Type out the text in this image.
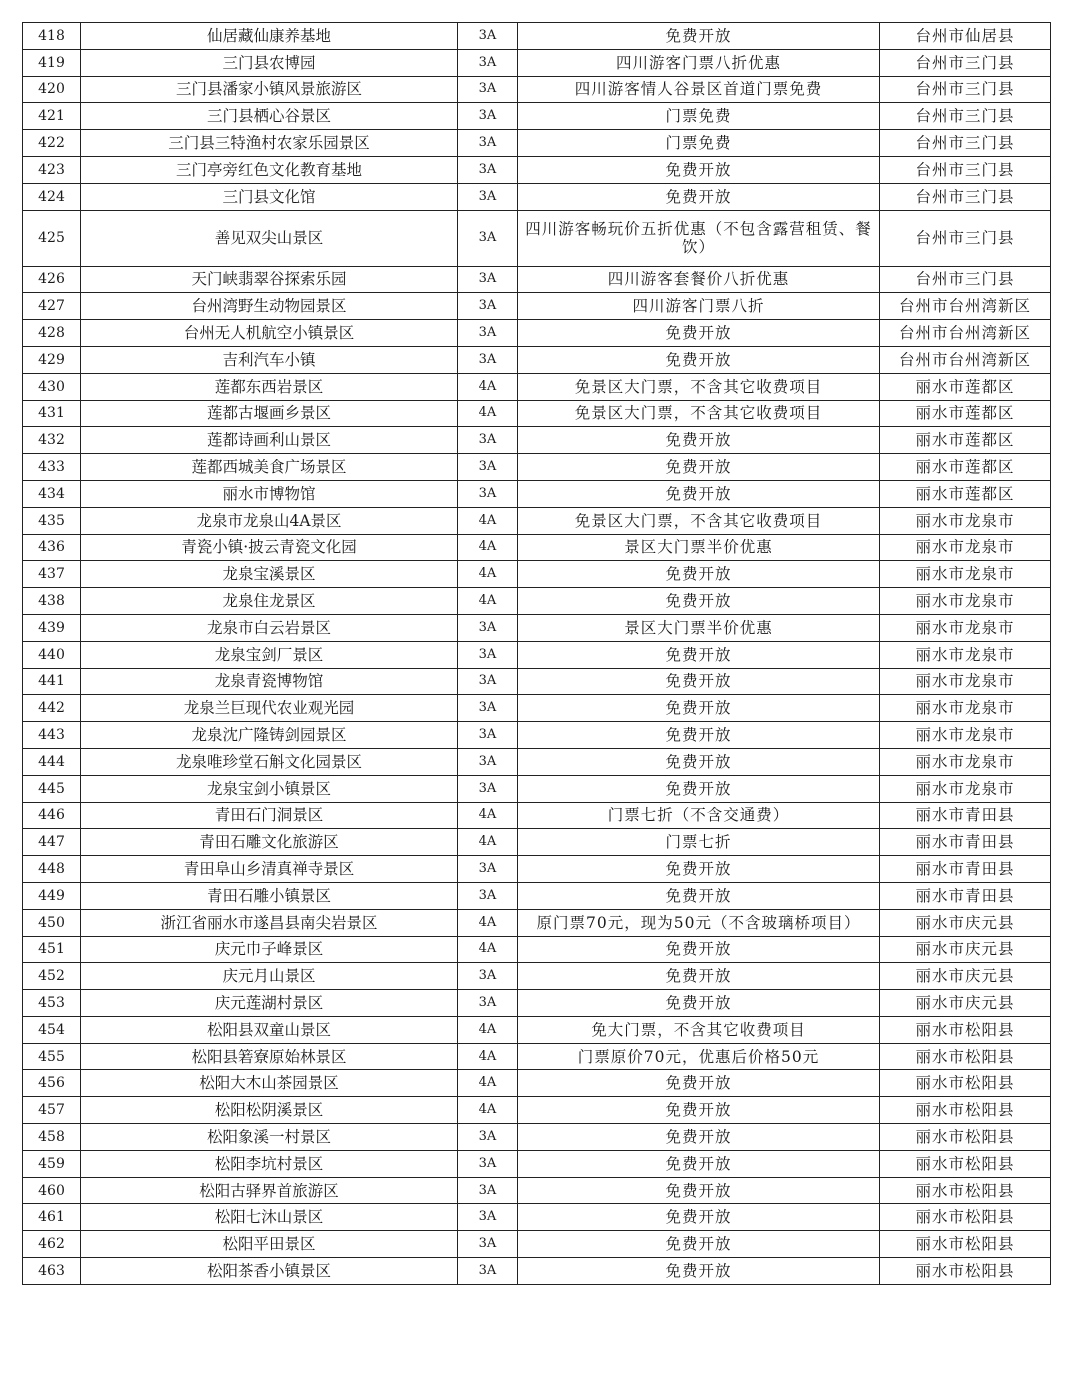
418	仙居藏仙康养基地	3A	免费开放	台州市仙居县
419	三门县农博园	3A	四川游客门票八折优惠	台州市三门县
420	三门县潘家小镇风景旅游区	3A	四川游客情人谷景区首道门票免费	台州市三门县
421	三门县栖心谷景区	3A	门票免费	台州市三门县
422	三门县三特渔村农家乐园景区	3A	门票免费	台州市三门县
423	三门亭旁红色文化教育基地	3A	免费开放	台州市三门县
424	三门县文化馆	3A	免费开放	台州市三门县
425	善见双尖山景区	3A	四川游客畅玩价五折优惠（不包含露营租赁、餐饮）	台州市三门县
426	天门峡翡翠谷探索乐园	3A	四川游客套餐价八折优惠	台州市三门县
427	台州湾野生动物园景区	3A	四川游客门票八折	台州市台州湾新区
428	台州无人机航空小镇景区	3A	免费开放	台州市台州湾新区
429	吉利汽车小镇	3A	免费开放	台州市台州湾新区
430	莲都东西岩景区	4A	免景区大门票，不含其它收费项目	丽水市莲都区
431	莲都古堰画乡景区	4A	免景区大门票，不含其它收费项目	丽水市莲都区
432	莲都诗画利山景区	3A	免费开放	丽水市莲都区
433	莲都西城美食广场景区	3A	免费开放	丽水市莲都区
434	丽水市博物馆	3A	免费开放	丽水市莲都区
435	龙泉市龙泉山4A景区	4A	免景区大门票，不含其它收费项目	丽水市龙泉市
436	青瓷小镇·披云青瓷文化园	4A	景区大门票半价优惠	丽水市龙泉市
437	龙泉宝溪景区	4A	免费开放	丽水市龙泉市
438	龙泉住龙景区	4A	免费开放	丽水市龙泉市
439	龙泉市白云岩景区	3A	景区大门票半价优惠	丽水市龙泉市
440	龙泉宝剑厂景区	3A	免费开放	丽水市龙泉市
441	龙泉青瓷博物馆	3A	免费开放	丽水市龙泉市
442	龙泉兰巨现代农业观光园	3A	免费开放	丽水市龙泉市
443	龙泉沈广隆铸剑园景区	3A	免费开放	丽水市龙泉市
444	龙泉唯珍堂石斛文化园景区	3A	免费开放	丽水市龙泉市
445	龙泉宝剑小镇景区	3A	免费开放	丽水市龙泉市
446	青田石门洞景区	4A	门票七折（不含交通费）	丽水市青田县
447	青田石雕文化旅游区	4A	门票七折	丽水市青田县
448	青田阜山乡清真禅寺景区	3A	免费开放	丽水市青田县
449	青田石雕小镇景区	3A	免费开放	丽水市青田县
450	浙江省丽水市遂昌县南尖岩景区	4A	原门票70元，现为50元（不含玻璃桥项目）	丽水市庆元县
451	庆元巾子峰景区	4A	免费开放	丽水市庆元县
452	庆元月山景区	3A	免费开放	丽水市庆元县
453	庆元莲湖村景区	3A	免费开放	丽水市庆元县
454	松阳县双童山景区	4A	免大门票，不含其它收费项目	丽水市松阳县
455	松阳县箬寮原始林景区	4A	门票原价70元，优惠后价格50元	丽水市松阳县
456	松阳大木山茶园景区	4A	免费开放	丽水市松阳县
457	松阳松阴溪景区	4A	免费开放	丽水市松阳县
458	松阳象溪一村景区	3A	免费开放	丽水市松阳县
459	松阳李坑村景区	3A	免费开放	丽水市松阳县
460	松阳古驿界首旅游区	3A	免费开放	丽水市松阳县
461	松阳七沐山景区	3A	免费开放	丽水市松阳县
462	松阳平田景区	3A	免费开放	丽水市松阳县
463	松阳茶香小镇景区	3A	免费开放	丽水市松阳县
